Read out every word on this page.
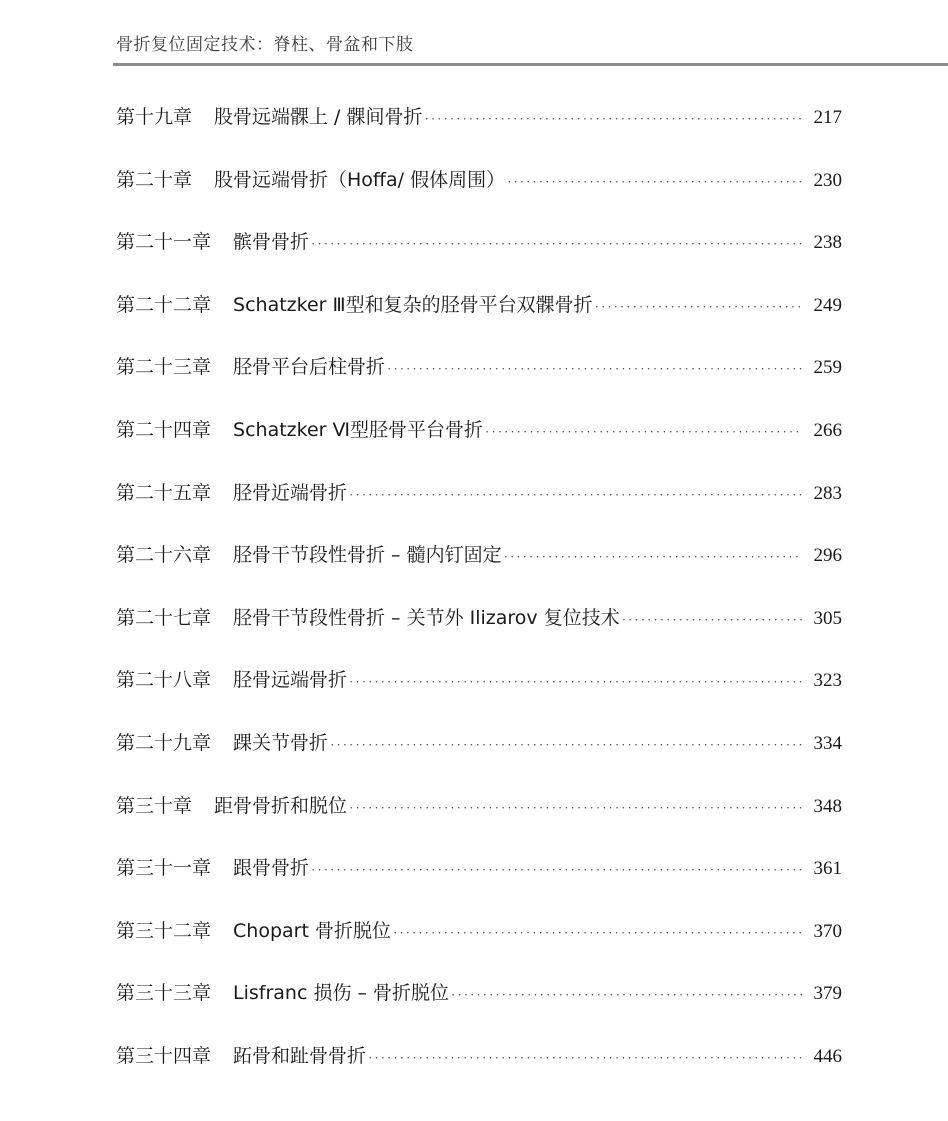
骨折复位固定技术：脊柱、骨盆和下肢
第十九章 股骨远端髁上 / 髁间骨折 ·····	217
第二十章 股骨远端骨折（Hoffa/ 假体周围） ·····	230
第二十一章 髌骨骨折 ·····	238
第二十二章 Schatzker Ⅲ型和复杂的胫骨平台双髁骨折 ·····	249
第二十三章 胫骨平台后柱骨折 ·····	259
第二十四章 Schatzker Ⅵ型胫骨平台骨折 ·····	266
第二十五章 胫骨近端骨折 ·····	283
第二十六章 胫骨干节段性骨折 – 髓内钉固定 ·····	296
第二十七章 胫骨干节段性骨折 – 关节外 Ilizarov 复位技术 ·····	305
第二十八章 胫骨远端骨折 ·····	323
第二十九章 踝关节骨折 ·····	334
第三十章 距骨骨折和脱位 ·····	348
第三十一章 跟骨骨折 ·····	361
第三十二章 Chopart 骨折脱位 ·····	370
第三十三章 Lisfranc 损伤 – 骨折脱位 ·····	379
第三十四章 跖骨和趾骨骨折 ·····	446
